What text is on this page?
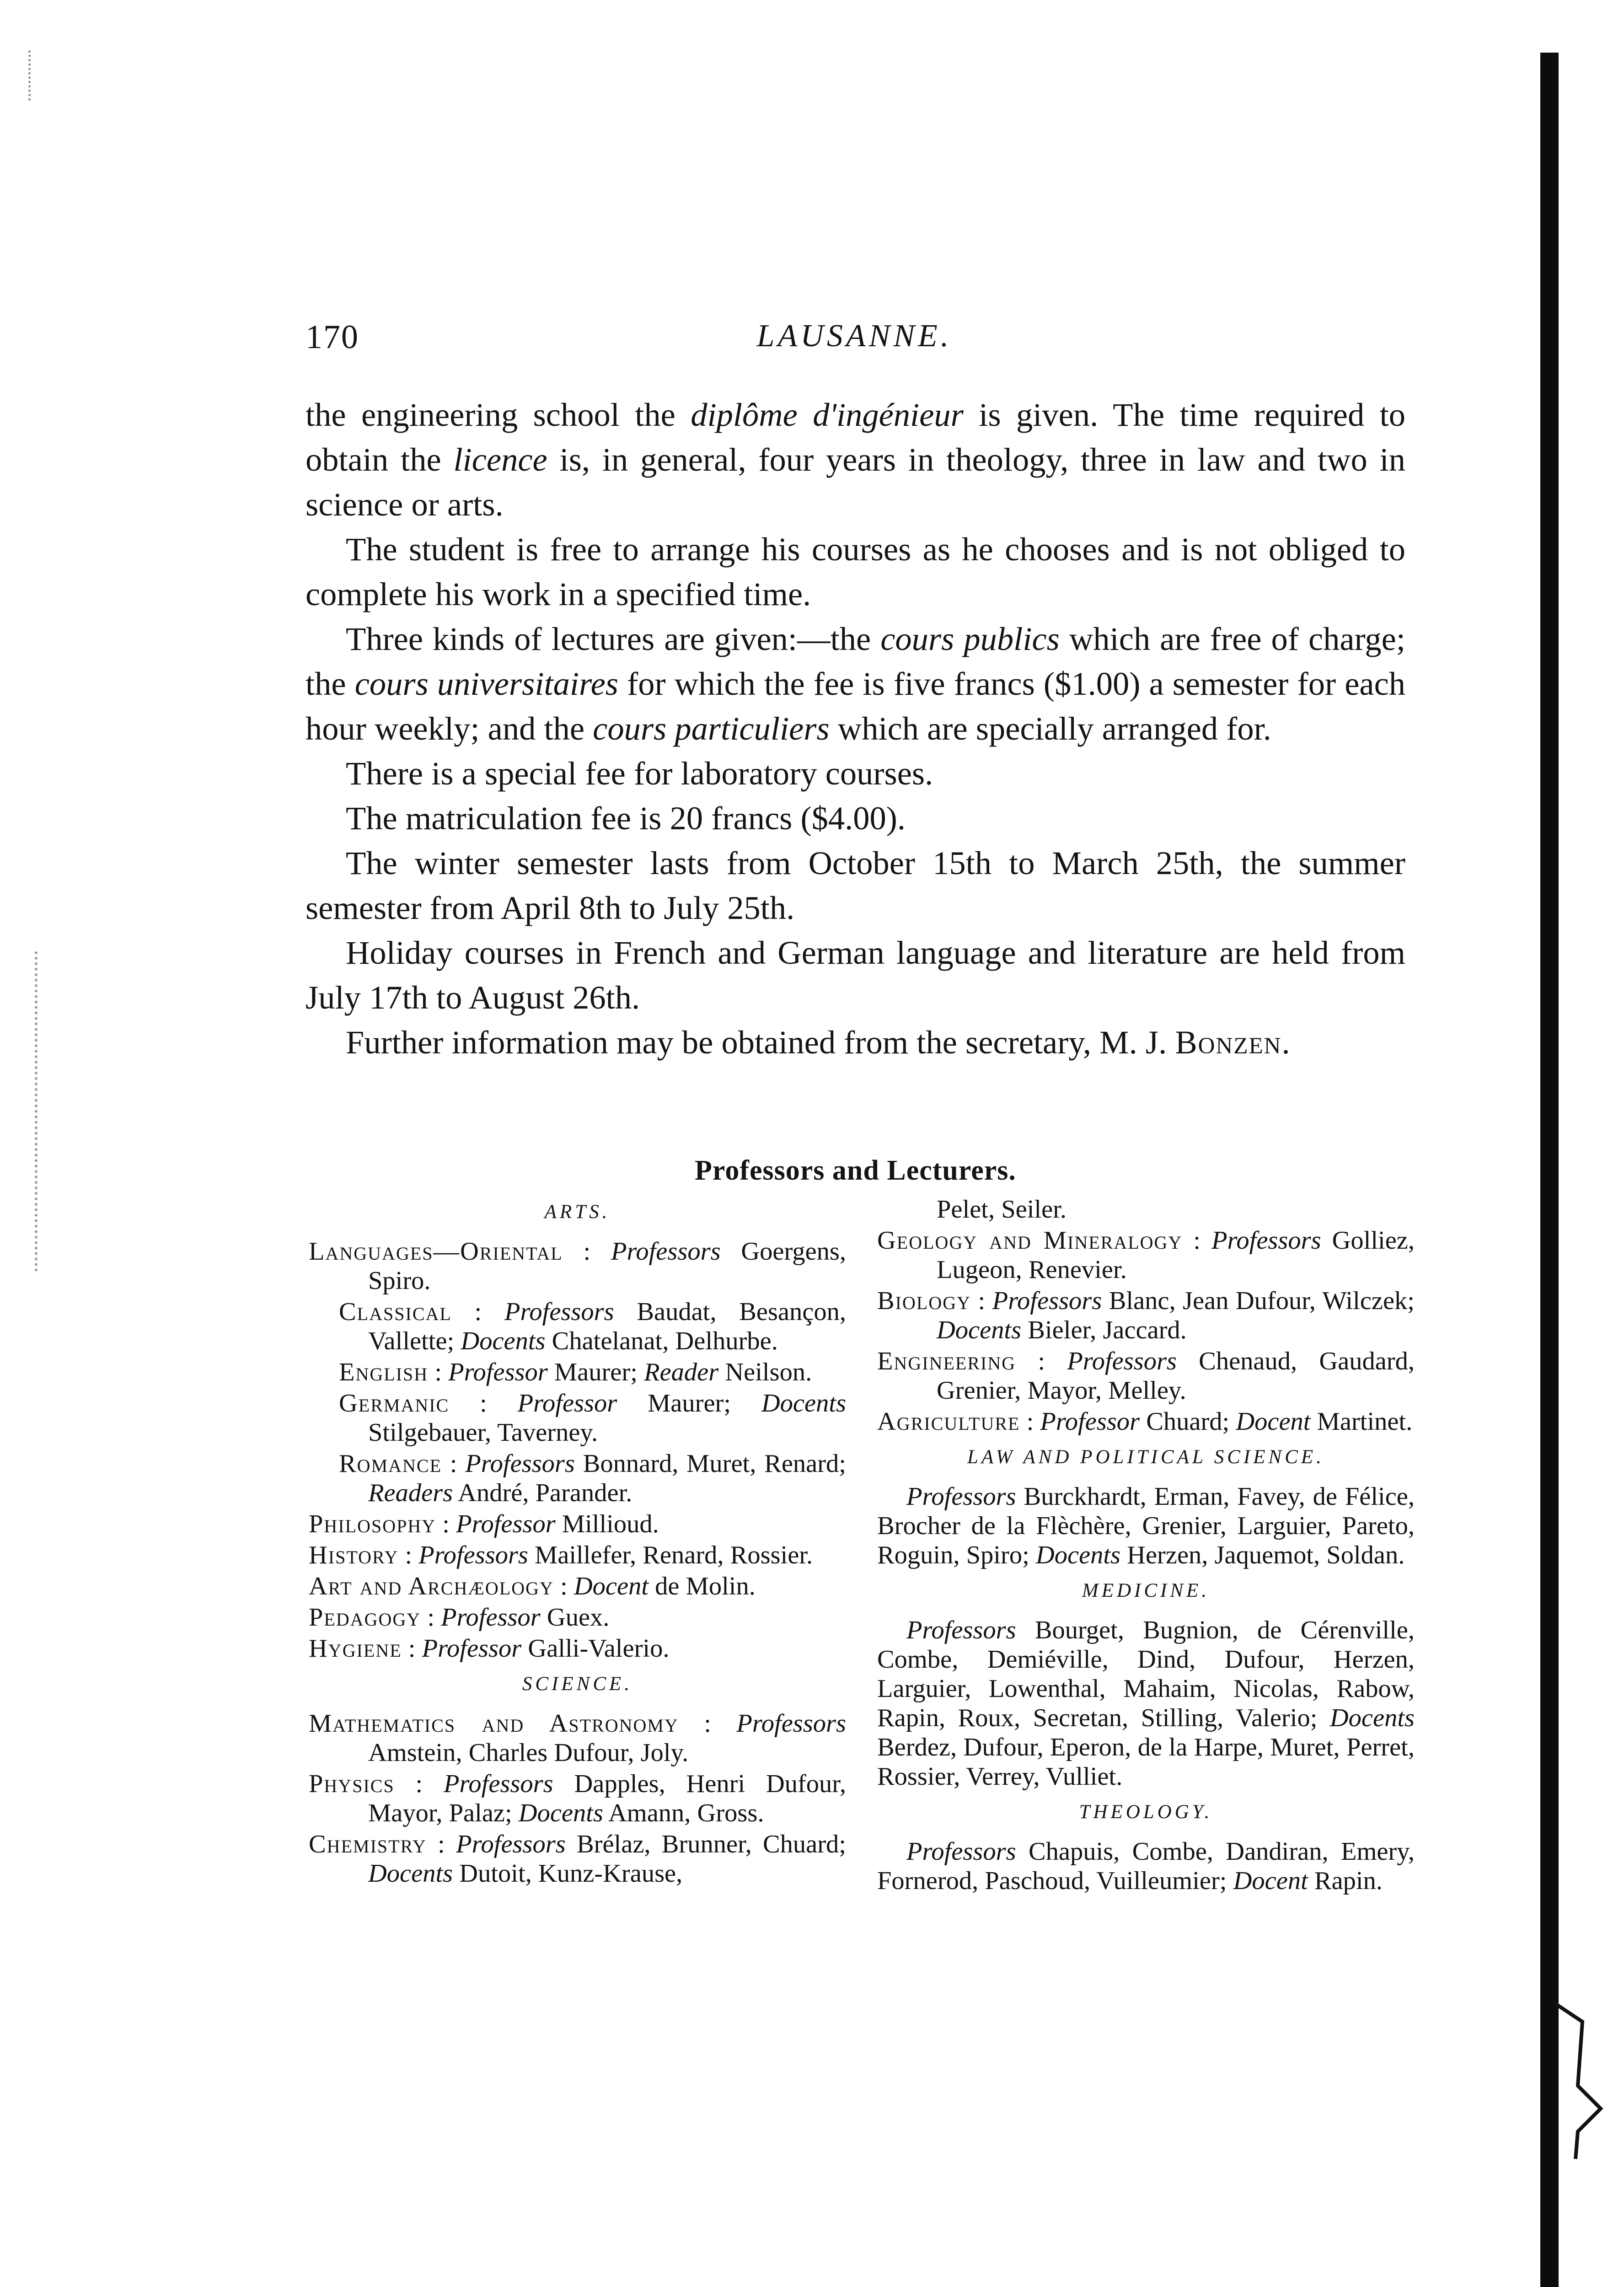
170	LAUSANNE.

the engineering school the diplôme d'ingénieur is given. The time required to obtain the licence is, in general, four years in theology, three in law and two in science or arts.

The student is free to arrange his courses as he chooses and is not obliged to complete his work in a specified time.

Three kinds of lectures are given:—the cours publics which are free of charge; the cours universitaires for which the fee is five francs ($1.00) a semester for each hour weekly; and the cours particuliers which are specially arranged for.

There is a special fee for laboratory courses.

The matriculation fee is 20 francs ($4.00).

The winter semester lasts from October 15th to March 25th, the summer semester from April 8th to July 25th.

Holiday courses in French and German language and literature are held from July 17th to August 26th.

Further information may be obtained from the secretary, M. J. Bonzen.

Professors and Lecturers.
ARTS.
Languages—Oriental : Professors Goergens, Spiro.
Classical : Professors Baudat, Besançon, Vallette; Docents Chatelanat, Delhurbe.
English : Professor Maurer; Reader Neilson.
Germanic : Professor Maurer; Docents Stilgebauer, Taverney.
Romance : Professors Bonnard, Muret, Renard; Readers André, Parander.
Philosophy : Professor Millioud.
History : Professors Maillefer, Renard, Rossier.
Art and Archæology : Docent de Molin.
Pedagogy : Professor Guex.
Hygiene : Professor Galli-Valerio.
SCIENCE.
Mathematics and Astronomy : Professors Amstein, Charles Dufour, Joly.
Physics : Professors Dapples, Henri Dufour, Mayor, Palaz; Docents Amann, Gross.
Chemistry : Professors Brélaz, Brunner, Chuard; Docents Dutoit, Kunz-Krause,
Pelet, Seiler.
Geology and Mineralogy : Professors Golliez, Lugeon, Renevier.
Biology : Professors Blanc, Jean Dufour, Wilczek; Docents Bieler, Jaccard.
Engineering : Professors Chenaud, Gaudard, Grenier, Mayor, Melley.
Agriculture : Professor Chuard; Docent Martinet.
LAW AND POLITICAL SCIENCE.
Professors Burckhardt, Erman, Favey, de Félice, Brocher de la Flèchère, Grenier, Larguier, Pareto, Roguin, Spiro; Docents Herzen, Jaquemot, Soldan.
MEDICINE.
Professors Bourget, Bugnion, de Cérenville, Combe, Demiéville, Dind, Dufour, Herzen, Larguier, Lowenthal, Mahaim, Nicolas, Rabow, Rapin, Roux, Secretan, Stilling, Valerio; Docents Berdez, Dufour, Eperon, de la Harpe, Muret, Perret, Rossier, Verrey, Vulliet.
THEOLOGY.
Professors Chapuis, Combe, Dandiran, Emery, Fornerod, Paschoud, Vuilleumier; Docent Rapin.
